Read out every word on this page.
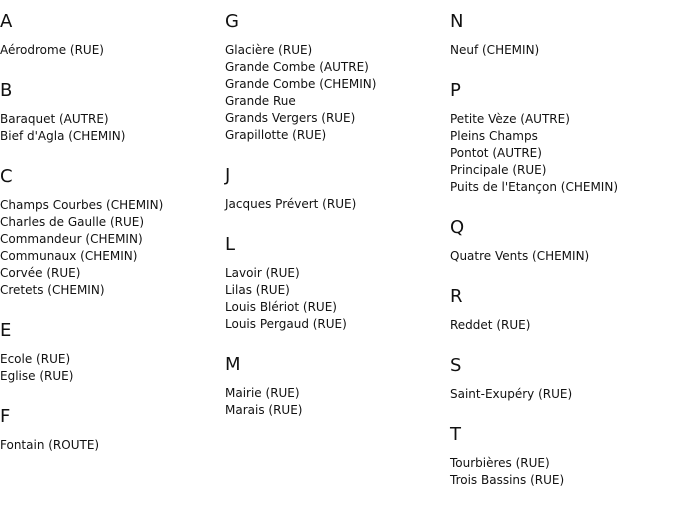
A
Aérodrome (RUE)
B
Baraquet (AUTRE)
Bief d'Agla (CHEMIN)
C
Champs Courbes (CHEMIN)
Charles de Gaulle (RUE)
Commandeur (CHEMIN)
Communaux (CHEMIN)
Corvée (RUE)
Cretets (CHEMIN)
E
Ecole (RUE)
Eglise (RUE)
F
Fontain (ROUTE)
G
Glacière (RUE)
Grande Combe (AUTRE)
Grande Combe (CHEMIN)
Grande Rue
Grands Vergers (RUE)
Grapillotte (RUE)
J
Jacques Prévert (RUE)
L
Lavoir (RUE)
Lilas (RUE)
Louis Blériot (RUE)
Louis Pergaud (RUE)
M
Mairie (RUE)
Marais (RUE)
N
Neuf (CHEMIN)
P
Petite Vèze (AUTRE)
Pleins Champs
Pontot (AUTRE)
Principale (RUE)
Puits de l'Etançon (CHEMIN)
Q
Quatre Vents (CHEMIN)
R
Reddet (RUE)
S
Saint-Exupéry (RUE)
T
Tourbières (RUE)
Trois Bassins (RUE)
